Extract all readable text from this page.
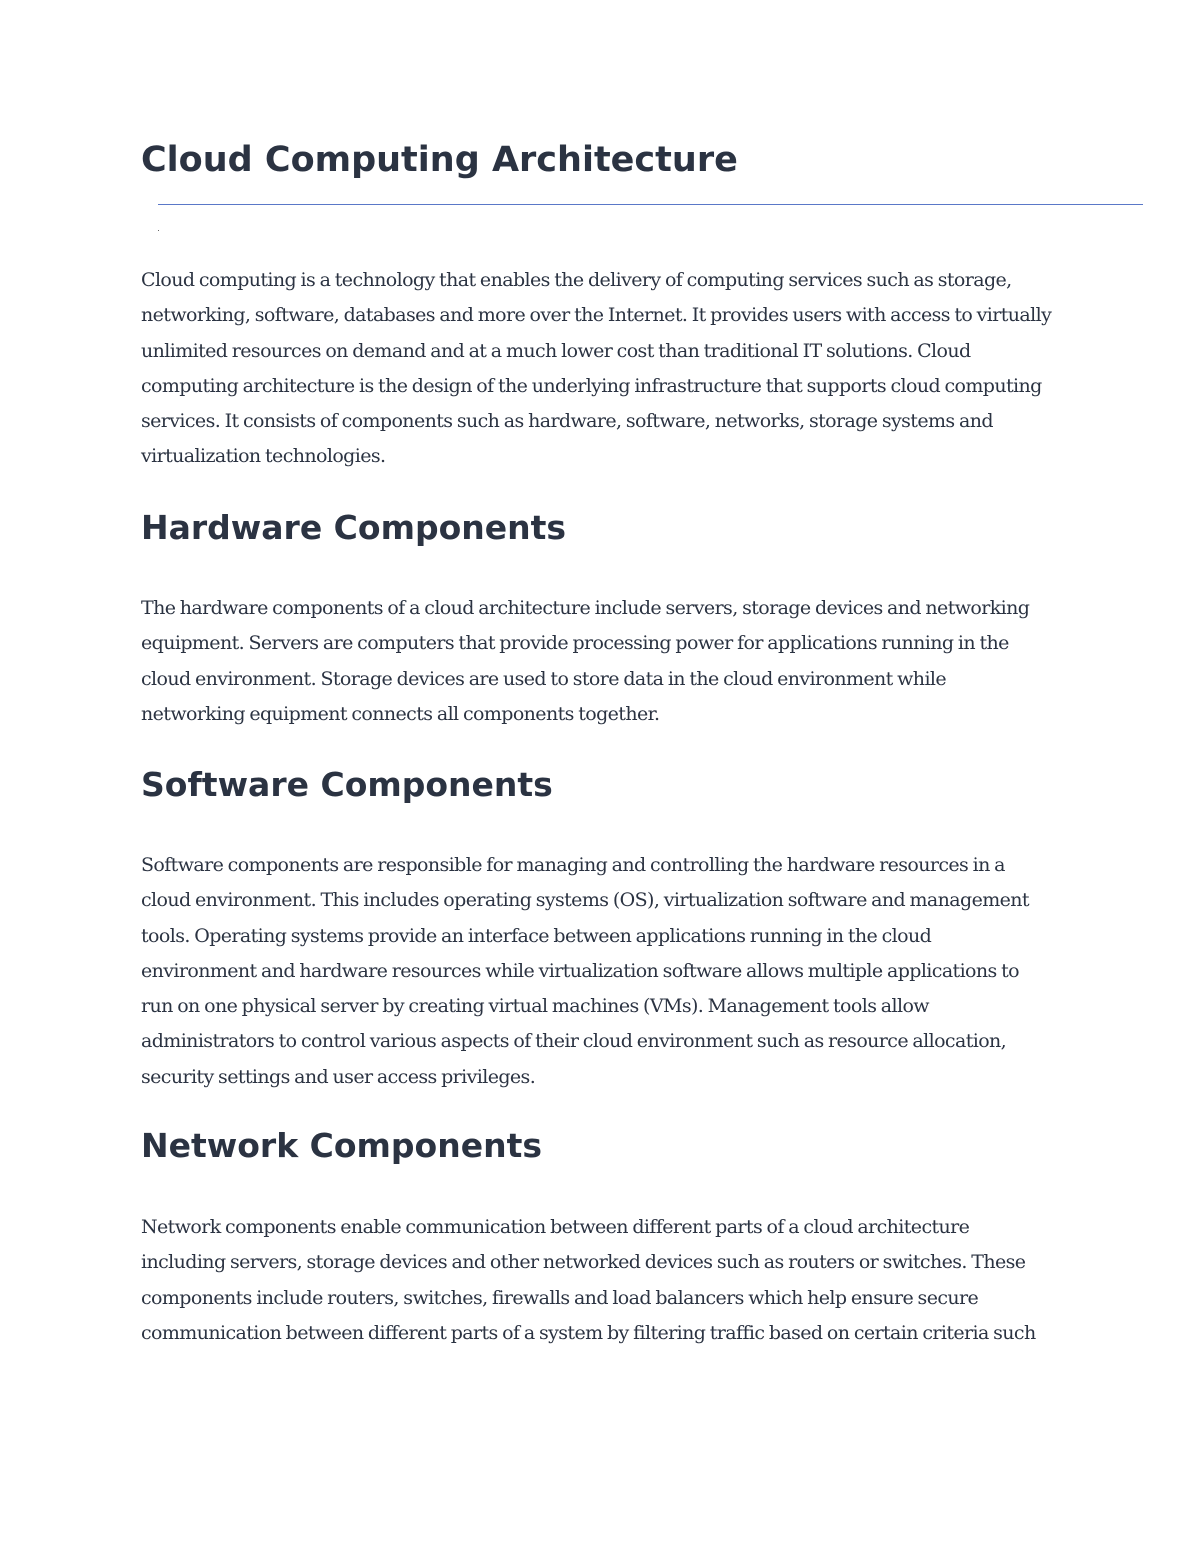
Cloud Computing Architecture

Cloud computing is a technology that enables the delivery of computing services such as storage,
networking, software, databases and more over the Internet. It provides users with access to virtually
unlimited resources on demand and at a much lower cost than traditional IT solutions. Cloud
computing architecture is the design of the underlying infrastructure that supports cloud computing
services. It consists of components such as hardware, software, networks, storage systems and
virtualization technologies.

Hardware Components

The hardware components of a cloud architecture include servers, storage devices and networking
equipment. Servers are computers that provide processing power for applications running in the
cloud environment. Storage devices are used to store data in the cloud environment while
networking equipment connects all components together.

Software Components

Software components are responsible for managing and controlling the hardware resources in a
cloud environment. This includes operating systems (OS), virtualization software and management
tools. Operating systems provide an interface between applications running in the cloud
environment and hardware resources while virtualization software allows multiple applications to
run on one physical server by creating virtual machines (VMs). Management tools allow
administrators to control various aspects of their cloud environment such as resource allocation,
security settings and user access privileges.

Network Components

Network components enable communication between different parts of a cloud architecture
including servers, storage devices and other networked devices such as routers or switches. These
components include routers, switches, firewalls and load balancers which help ensure secure
communication between different parts of a system by filtering traffic based on certain criteria such
